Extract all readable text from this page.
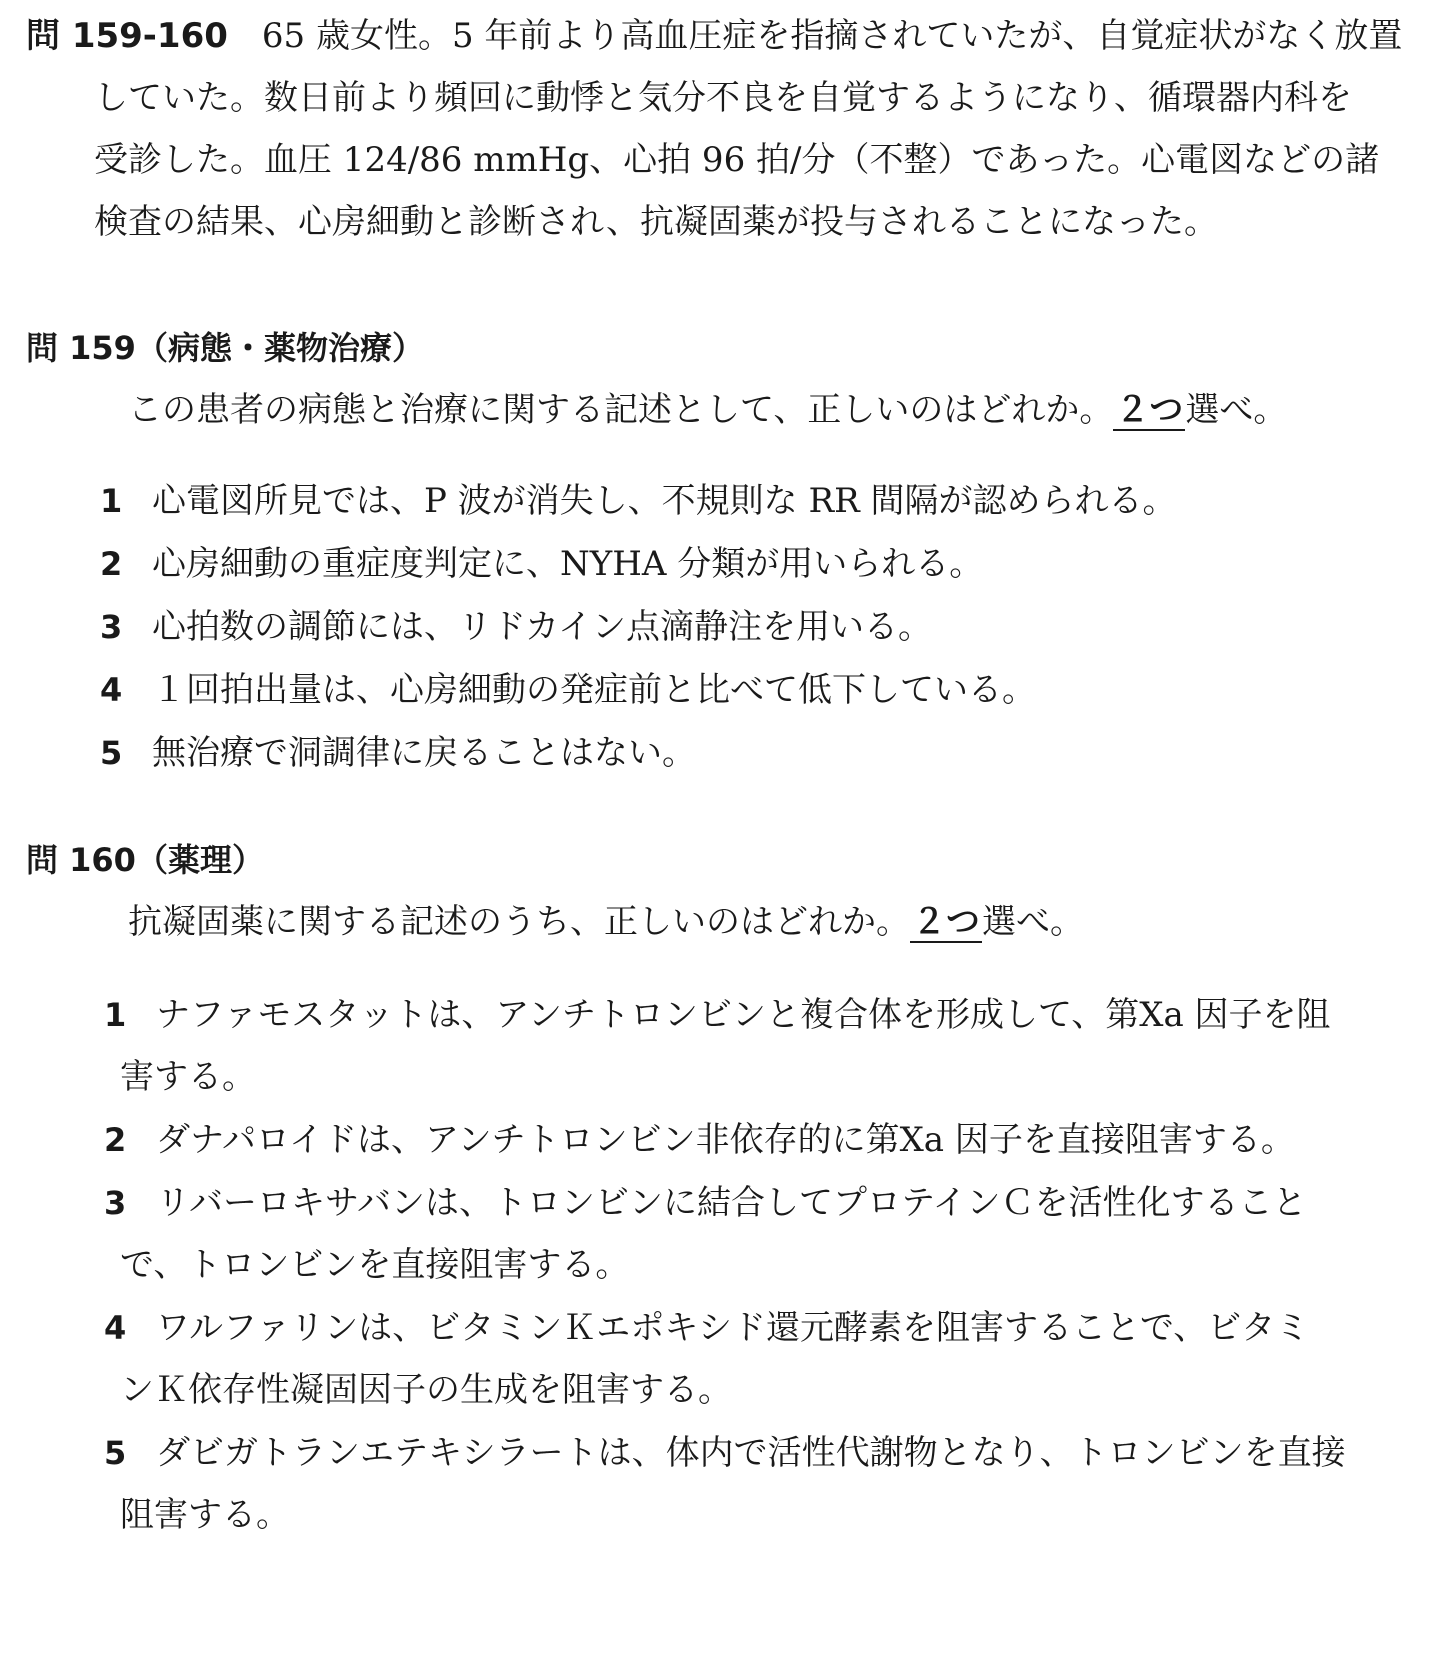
問 159-160 65 歳女性。5 年前より高血圧症を指摘されていたが、自覚症状がなく放置
していた。数日前より頻回に動悸と気分不良を自覚するようになり、循環器内科を
受診した。血圧 124/86 mmHg、心拍 96 拍/分（不整）であった。心電図などの諸
検査の結果、心房細動と診断され、抗凝固薬が投与されることになった。
問 159（病態・薬物治療）
この患者の病態と治療に関する記述として、正しいのはどれか。２つ選べ。
1 心電図所見では、P 波が消失し、不規則な RR 間隔が認められる。
2 心房細動の重症度判定に、NYHA 分類が用いられる。
3 心拍数の調節には、リドカイン点滴静注を用いる。
4 １回拍出量は、心房細動の発症前と比べて低下している。
5 無治療で洞調律に戻ることはない。
問 160（薬理）
抗凝固薬に関する記述のうち、正しいのはどれか。２つ選べ。
1 ナファモスタットは、アンチトロンビンと複合体を形成して、第Xa 因子を阻
害する。
2 ダナパロイドは、アンチトロンビン非依存的に第Xa 因子を直接阻害する。
3 リバーロキサバンは、トロンビンに結合してプロテインＣを活性化すること
で、トロンビンを直接阻害する。
4 ワルファリンは、ビタミンＫエポキシド還元酵素を阻害することで、ビタミ
ンＫ依存性凝固因子の生成を阻害する。
5 ダビガトランエテキシラートは、体内で活性代謝物となり、トロンビンを直接
阻害する。
